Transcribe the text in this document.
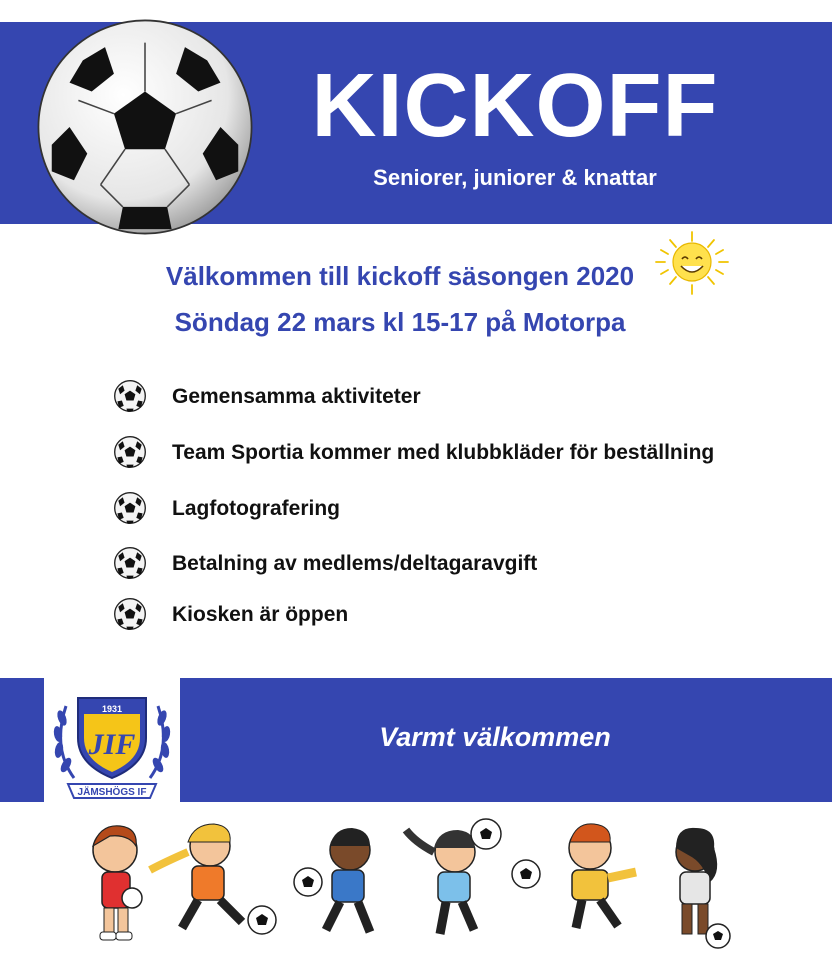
KICKOFF
Seniorer, juniorer & knattar
Välkommen till kickoff säsongen 2020
Söndag 22 mars kl 15-17 på Motorpa
Gemensamma aktiviteter
Team Sportia kommer med klubbkläder för beställning
Lagfotografering
Betalning av medlems/deltagaravgift
Kiosken är öppen
1931
JIF
JÄMSHÖGS IF
Varmt välkommen
